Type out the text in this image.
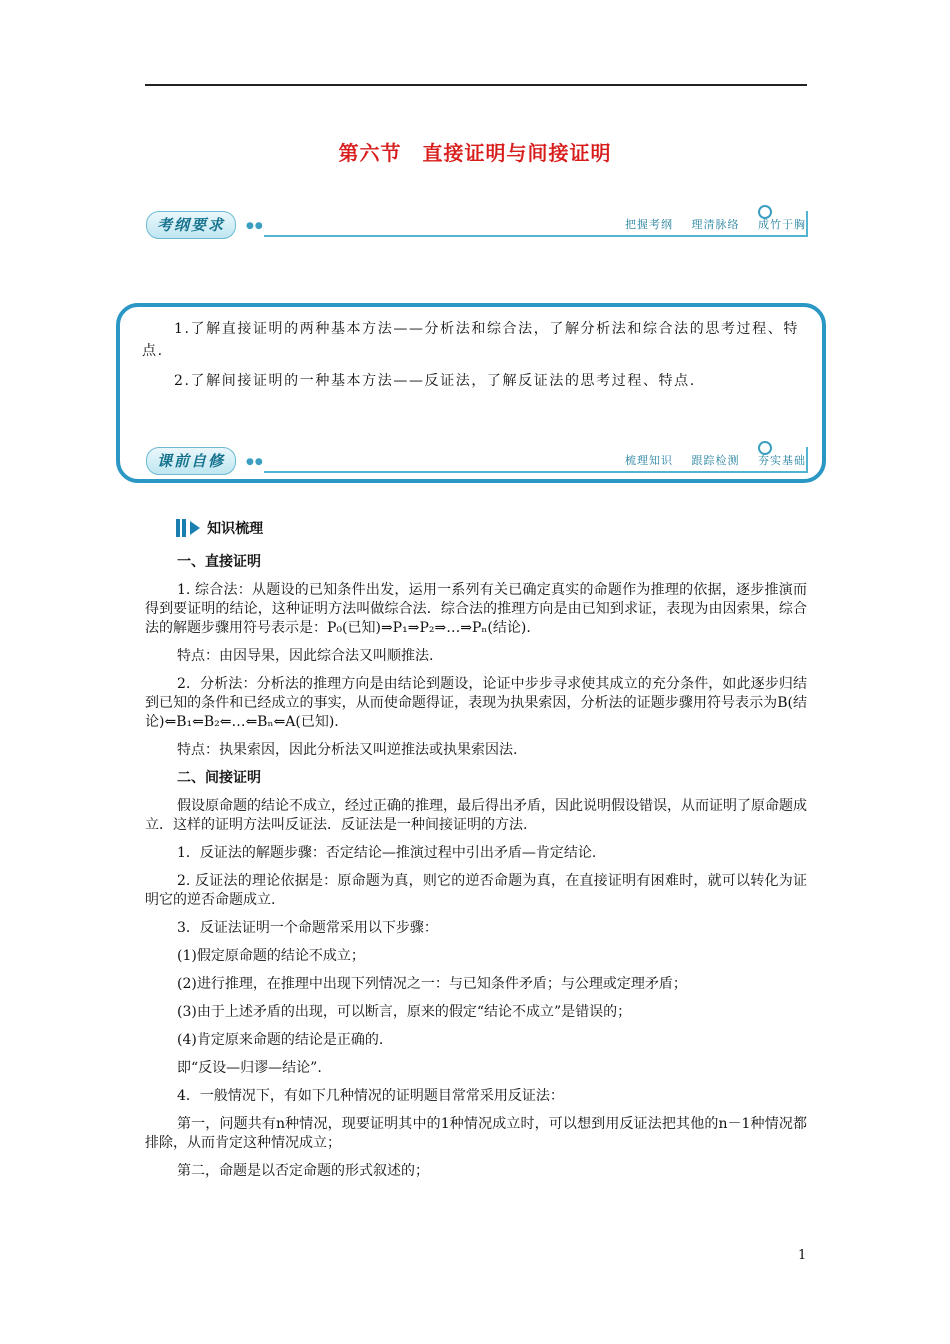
第六节　直接证明与间接证明
考纲要求	●●	把握考纲 理清脉络 成竹于胸

1.了解直接证明的两种基本方法——分析法和综合法，了解分析法和综合法的思考过程、特点.

2.了解间接证明的一种基本方法——反证法，了解反证法的思考过程、特点.

课前自修	●●	梳理知识 跟踪检测 夯实基础
知识梳理

一、直接证明

1. 综合法：从题设的已知条件出发，运用一系列有关已确定真实的命题作为推理的依据，逐步推演而得到要证明的结论，这种证明方法叫做综合法．综合法的推理方向是由已知到求证，表现为由因索果，综合法的解题步骤用符号表示是：P₀(已知)⇒P₁⇒P₂⇒…⇒Pₙ(结论).

特点：由因导果，因此综合法又叫顺推法.

2．分析法：分析法的推理方向是由结论到题设，论证中步步寻求使其成立的充分条件，如此逐步归结到已知的条件和已经成立的事实，从而使命题得证，表现为执果索因，分析法的证题步骤用符号表示为B(结论)⇐B₁⇐B₂⇐…⇐Bₙ⇐A(已知).

特点：执果索因，因此分析法又叫逆推法或执果索因法.

二、间接证明

假设原命题的结论不成立，经过正确的推理，最后得出矛盾，因此说明假设错误，从而证明了原命题成立．这样的证明方法叫反证法．反证法是一种间接证明的方法.

1．反证法的解题步骤：否定结论—推演过程中引出矛盾—肯定结论.

2. 反证法的理论依据是：原命题为真，则它的逆否命题为真，在直接证明有困难时，就可以转化为证明它的逆否命题成立.

3．反证法证明一个命题常采用以下步骤：

(1)假定原命题的结论不成立；

(2)进行推理，在推理中出现下列情况之一：与已知条件矛盾；与公理或定理矛盾；

(3)由于上述矛盾的出现，可以断言，原来的假定“结论不成立”是错误的；

(4)肯定原来命题的结论是正确的.

即“反设—归谬—结论”.

4．一般情况下，有如下几种情况的证明题目常常采用反证法：

第一，问题共有n种情况，现要证明其中的1种情况成立时，可以想到用反证法把其他的n－1种情况都排除，从而肯定这种情况成立；

第二，命题是以否定命题的形式叙述的；

1
